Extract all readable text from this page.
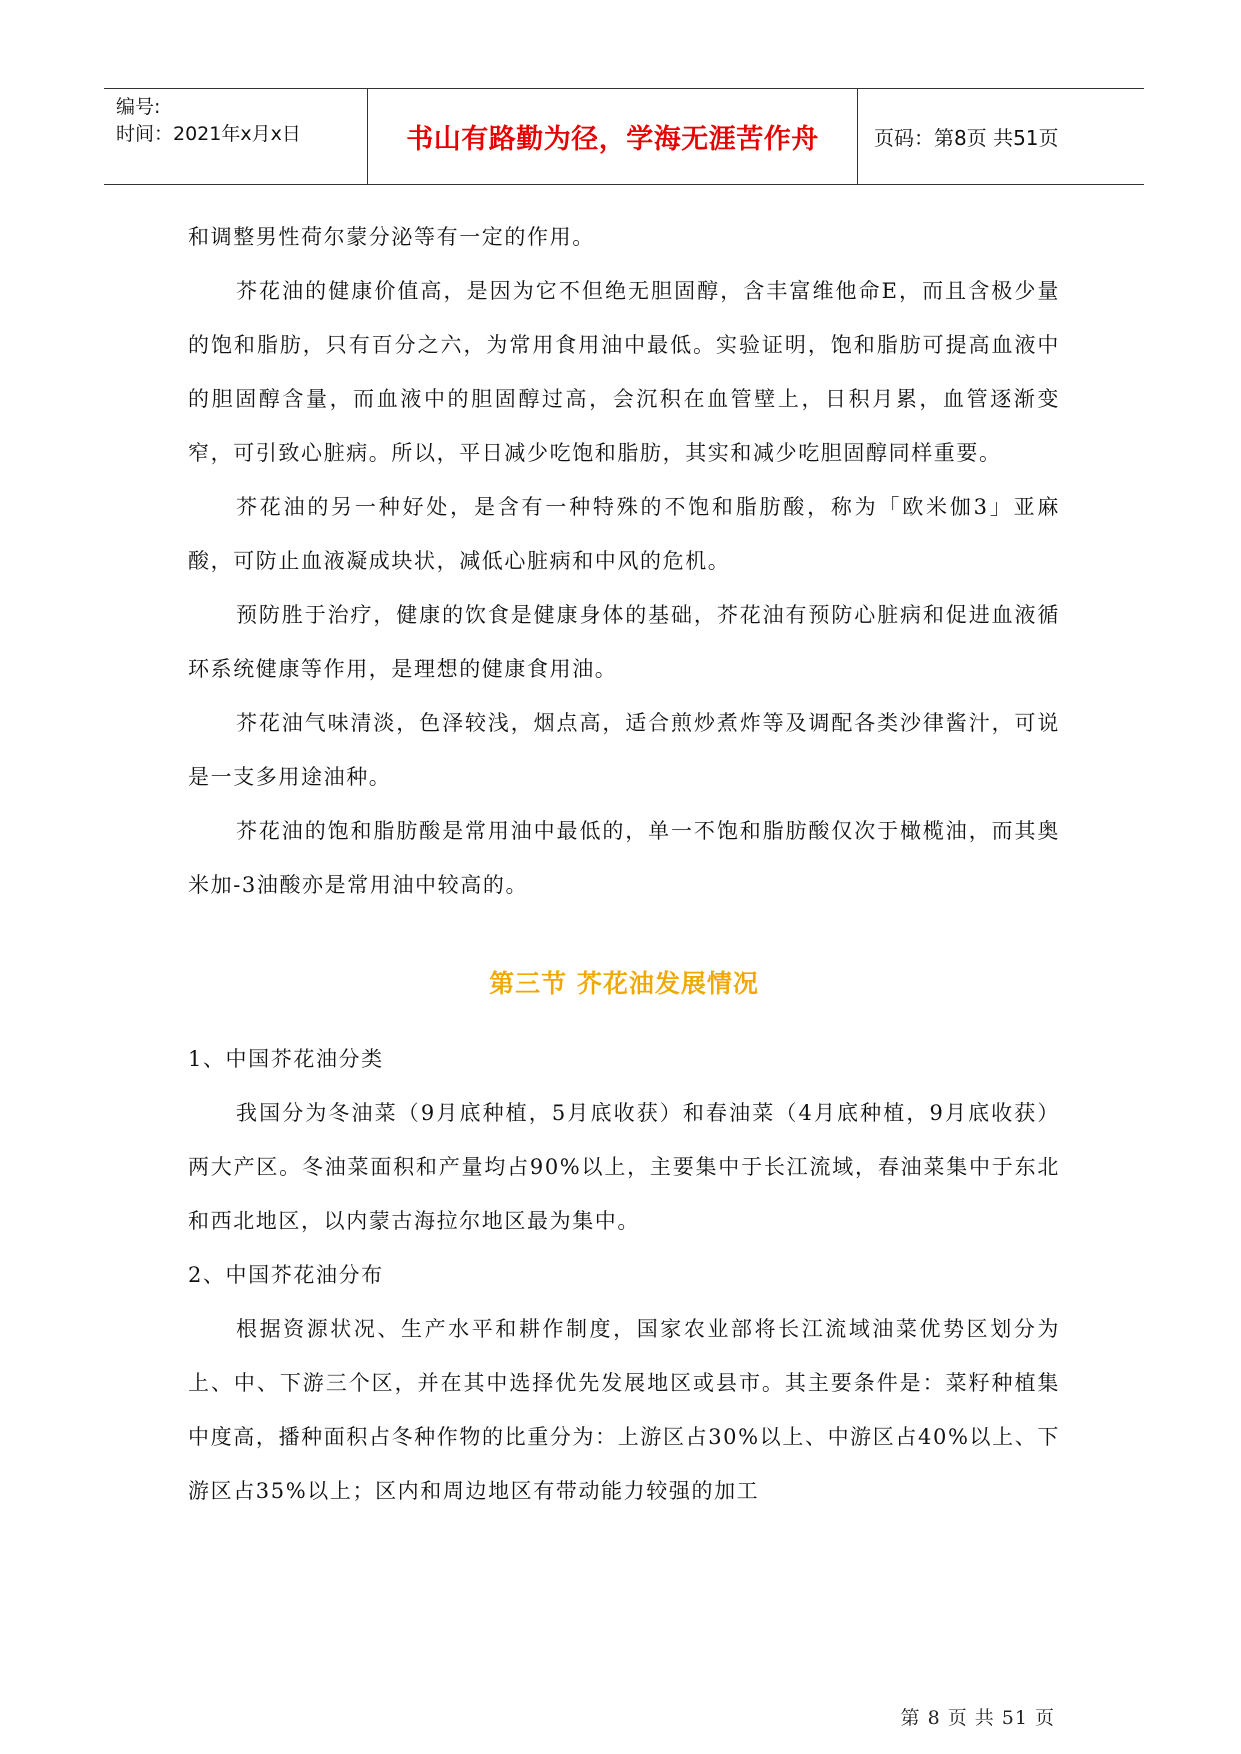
编号:
时间：2021年x月x日	书山有路勤为径，学海无涯苦作舟	页码：第8页 共51页

和调整男性荷尔蒙分泌等有一定的作用。

芥花油的健康价值高，是因为它不但绝无胆固醇，含丰富维他命E，而且含极少量的饱和脂肪，只有百分之六，为常用食用油中最低。实验证明，饱和脂肪可提高血液中的胆固醇含量，而血液中的胆固醇过高，会沉积在血管壁上，日积月累，血管逐渐变窄，可引致心脏病。所以，平日减少吃饱和脂肪，其实和减少吃胆固醇同样重要。

芥花油的另一种好处，是含有一种特殊的不饱和脂肪酸，称为「欧米伽3」亚麻酸，可防止血液凝成块状，减低心脏病和中风的危机。

预防胜于治疗，健康的饮食是健康身体的基础，芥花油有预防心脏病和促进血液循环系统健康等作用，是理想的健康食用油。

芥花油气味清淡，色泽较浅，烟点高，适合煎炒煮炸等及调配各类沙律酱汁，可说是一支多用途油种。

芥花油的饱和脂肪酸是常用油中最低的，单一不饱和脂肪酸仅次于橄榄油，而其奥米加-3油酸亦是常用油中较高的。

第三节 芥花油发展情况

1、中国芥花油分类

我国分为冬油菜（9月底种植，5月底收获）和春油菜（4月底种植，9月底收获）两大产区。冬油菜面积和产量均占90%以上，主要集中于长江流域，春油菜集中于东北和西北地区，以内蒙古海拉尔地区最为集中。

2、中国芥花油分布

根据资源状况、生产水平和耕作制度，国家农业部将长江流域油菜优势区划分为上、中、下游三个区，并在其中选择优先发展地区或县市。其主要条件是：菜籽种植集中度高，播种面积占冬种作物的比重分为：上游区占30%以上、中游区占40%以上、下游区占35%以上；区内和周边地区有带动能力较强的加工

第 8 页 共 51 页
